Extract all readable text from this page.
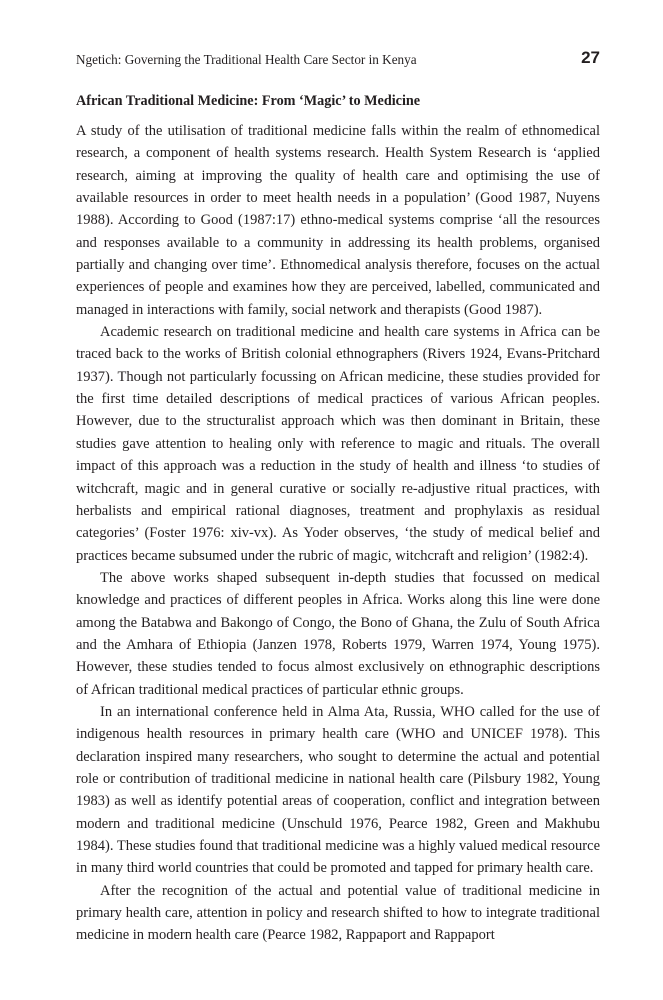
Ngetich: Governing the Traditional Health Care Sector in Kenya	27
African Traditional Medicine: From ‘Magic’ to Medicine

A study of the utilisation of traditional medicine falls within the realm of ethnomedical research, a component of health systems research. Health System Research is ‘applied research, aiming at improving the quality of health care and optimising the use of available resources in order to meet health needs in a population’ (Good 1987, Nuyens 1988). According to Good (1987:17) ethno-medical systems comprise ‘all the resources and responses available to a community in addressing its health problems, organised partially and changing over time’. Ethnomedical analysis therefore, focuses on the actual experiences of people and examines how they are perceived, labelled, communicated and managed in interactions with family, social network and therapists (Good 1987).

Academic research on traditional medicine and health care systems in Africa can be traced back to the works of British colonial ethnographers (Rivers 1924, Evans-Pritchard 1937). Though not particularly focussing on African medicine, these studies provided for the first time detailed descriptions of medical practices of various African peoples. However, due to the structuralist approach which was then dominant in Britain, these studies gave attention to healing only with reference to magic and rituals. The overall impact of this approach was a reduction in the study of health and illness ‘to studies of witchcraft, magic and in general curative or socially re-adjustive ritual practices, with herbalists and empirical rational diagnoses, treatment and prophylaxis as residual categories’ (Foster 1976: xiv-vx). As Yoder observes, ‘the study of medical belief and practices became subsumed under the rubric of magic, witchcraft and religion’ (1982:4).

The above works shaped subsequent in-depth studies that focussed on medical knowledge and practices of different peoples in Africa. Works along this line were done among the Batabwa and Bakongo of Congo, the Bono of Ghana, the Zulu of South Africa and the Amhara of Ethiopia (Janzen 1978, Roberts 1979, Warren 1974, Young 1975). However, these studies tended to focus almost exclusively on ethnographic descriptions of African traditional medical practices of particular ethnic groups.

In an international conference held in Alma Ata, Russia, WHO called for the use of indigenous health resources in primary health care (WHO and UNICEF 1978). This declaration inspired many researchers, who sought to determine the actual and potential role or contribution of traditional medicine in national health care (Pilsbury 1982, Young 1983) as well as identify potential areas of cooperation, conflict and integration between modern and traditional medicine (Unschuld 1976, Pearce 1982, Green and Makhubu 1984). These studies found that traditional medicine was a highly valued medical resource in many third world countries that could be promoted and tapped for primary health care.

After the recognition of the actual and potential value of traditional medicine in primary health care, attention in policy and research shifted to how to integrate traditional medicine in modern health care (Pearce 1982, Rappaport and Rappaport
